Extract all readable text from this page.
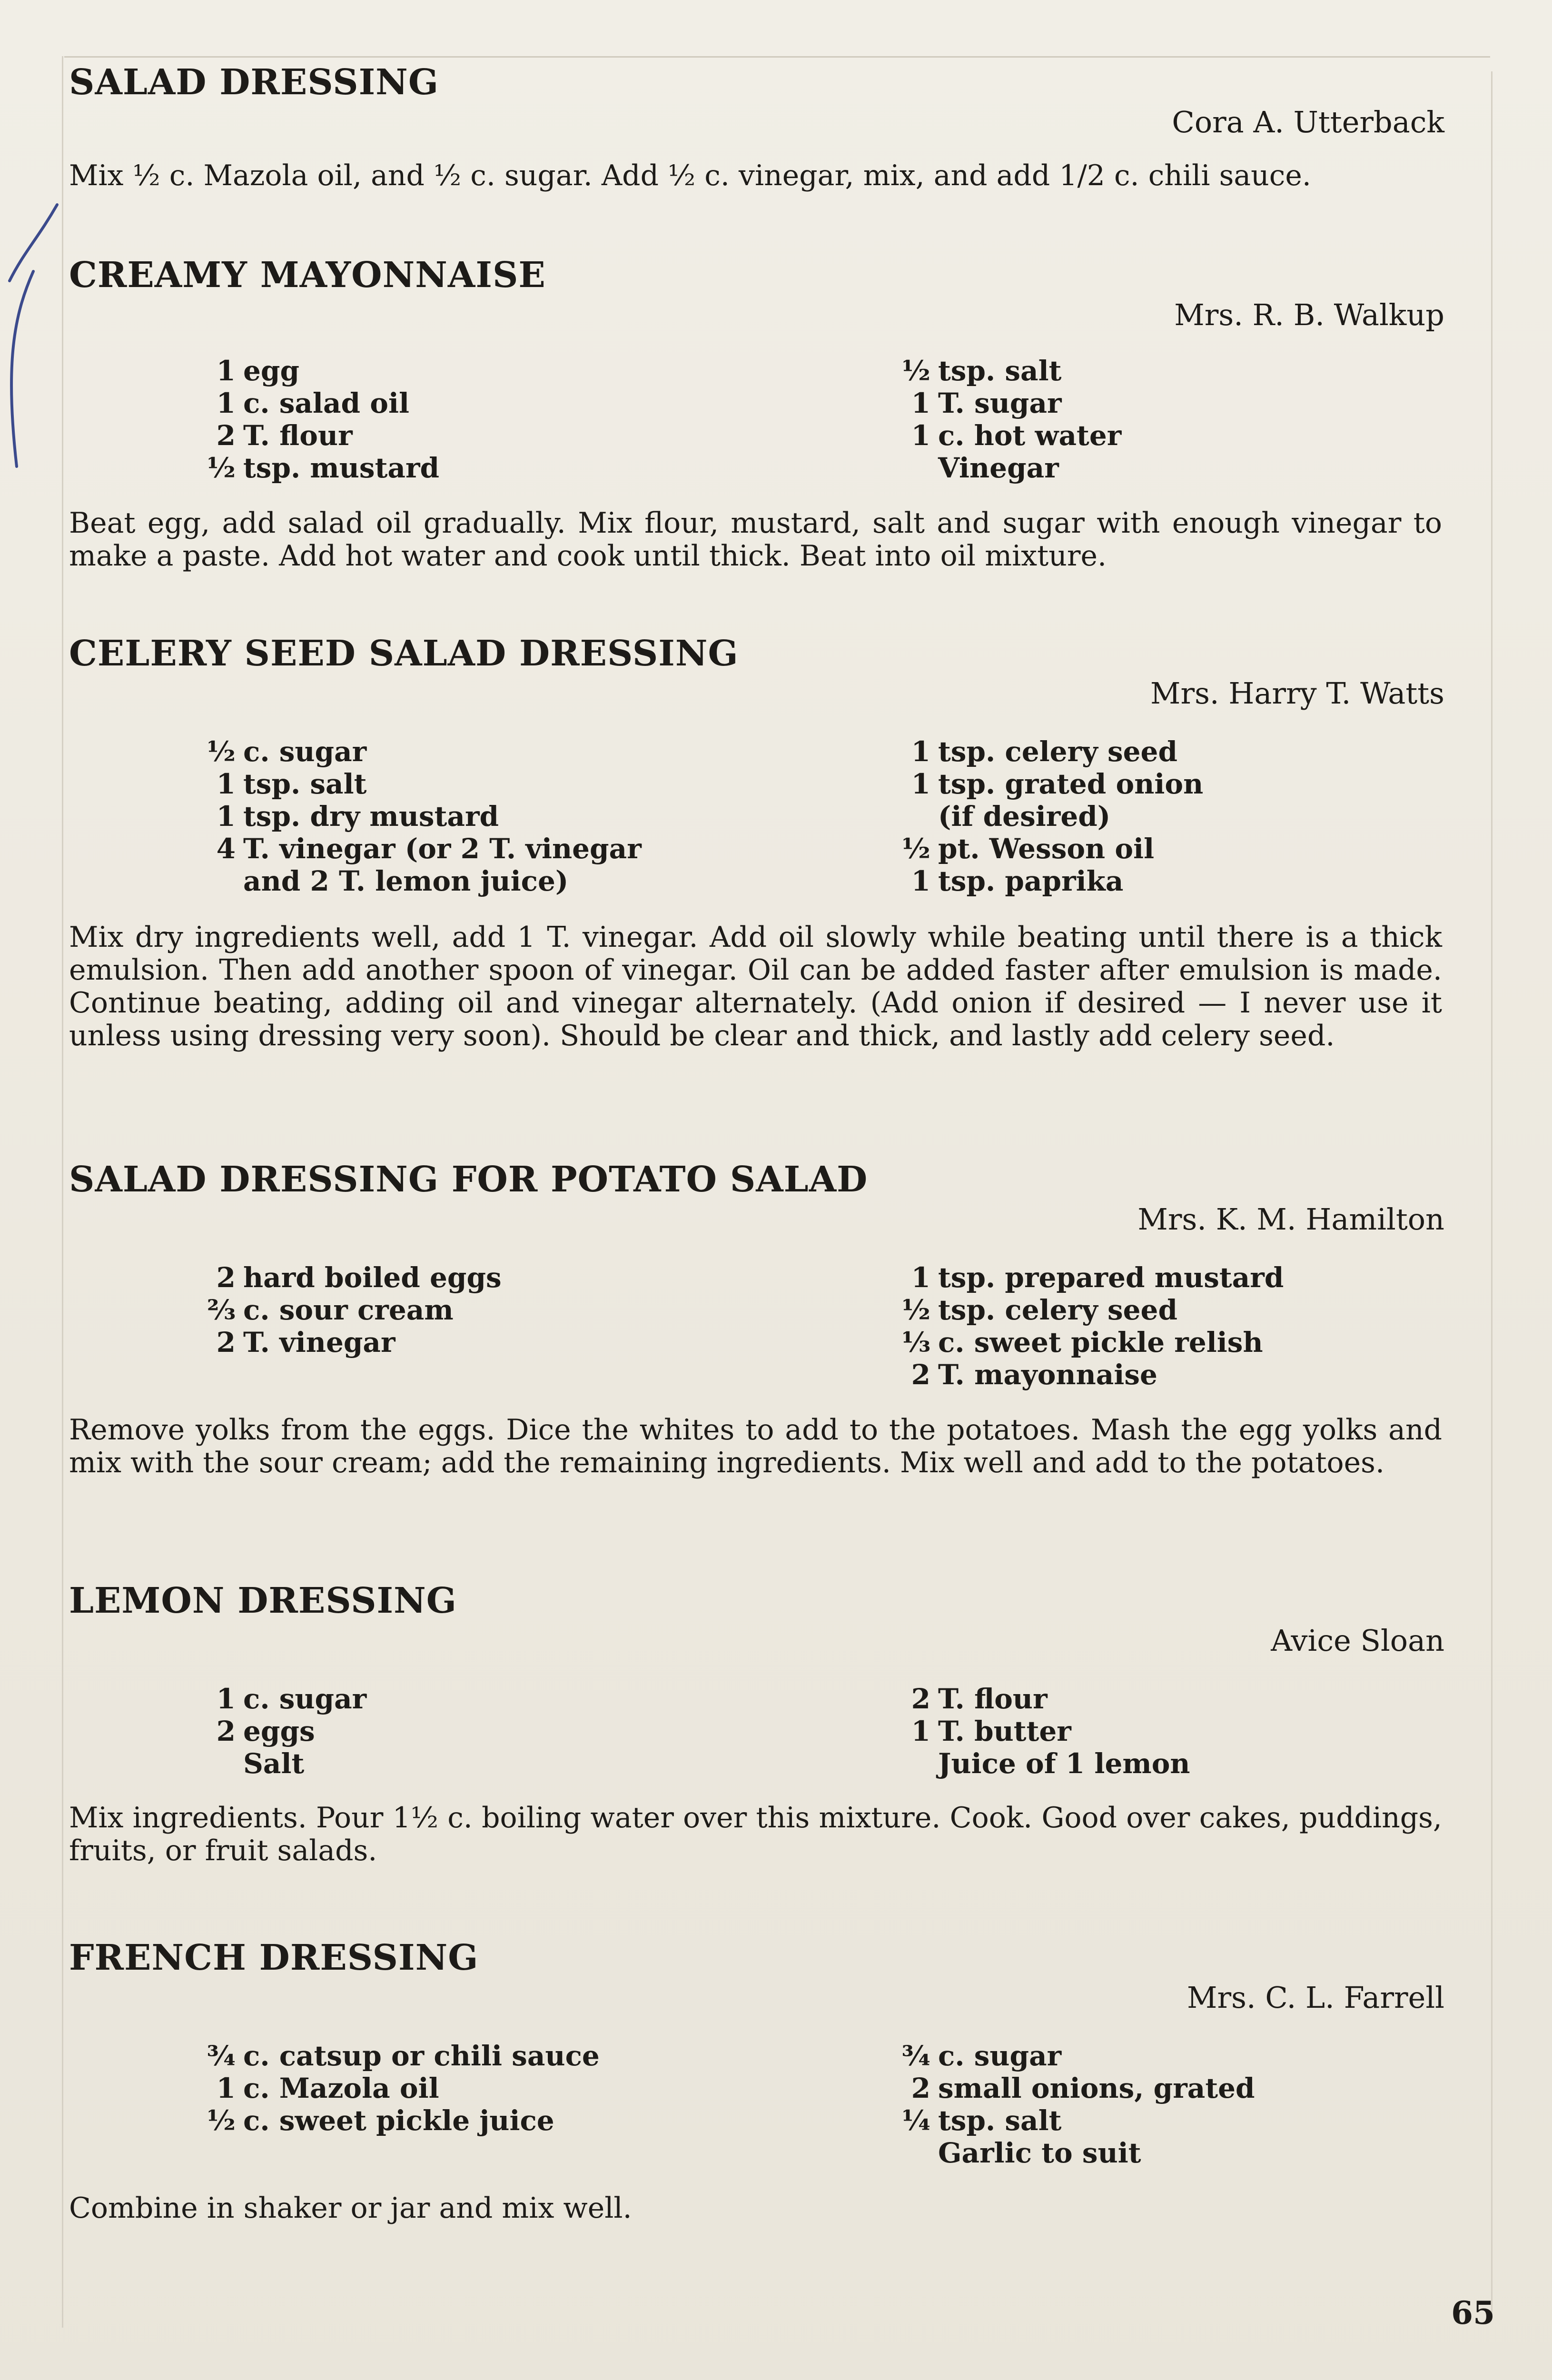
SALAD DRESSING
Cora A. Utterback
Mix ½ c. Mazola oil, and ½ c. sugar. Add ½ c. vinegar, mix, and add 1/2 c. chili sauce.
CREAMY MAYONNAISE
Mrs. R. B. Walkup
1 egg
1 c. salad oil
2 T. flour
½ tsp. mustard
½ tsp. salt
1 T. sugar
1 c. hot water
Vinegar
Beat egg, add salad oil gradually. Mix flour, mustard, salt and sugar with enough vinegar to make a paste. Add hot water and cook until thick. Beat into oil mixture.
CELERY SEED SALAD DRESSING
Mrs. Harry T. Watts
½ c. sugar
1 tsp. salt
1 tsp. dry mustard
4 T. vinegar (or 2 T. vinegar
and 2 T. lemon juice)
1 tsp. celery seed
1 tsp. grated onion
(if desired)
½ pt. Wesson oil
1 tsp. paprika
Mix dry ingredients well, add 1 T. vinegar. Add oil slowly while beating until there is a thick emulsion. Then add another spoon of vinegar. Oil can be added faster after emulsion is made. Continue beating, adding oil and vinegar alternately. (Add onion if desired — I never use it unless using dressing very soon). Should be clear and thick, and lastly add celery seed.
SALAD DRESSING FOR POTATO SALAD
Mrs. K. M. Hamilton
2 hard boiled eggs
⅔ c. sour cream
2 T. vinegar
1 tsp. prepared mustard
½ tsp. celery seed
⅓ c. sweet pickle relish
2 T. mayonnaise
Remove yolks from the eggs. Dice the whites to add to the potatoes. Mash the egg yolks and mix with the sour cream; add the remaining ingredients. Mix well and add to the potatoes.
LEMON DRESSING
Avice Sloan
1 c. sugar
2 eggs
Salt
2 T. flour
1 T. butter
Juice of 1 lemon
Mix ingredients. Pour 1½ c. boiling water over this mixture. Cook. Good over cakes, puddings, fruits, or fruit salads.
FRENCH DRESSING
Mrs. C. L. Farrell
¾ c. catsup or chili sauce
1 c. Mazola oil
½ c. sweet pickle juice
¾ c. sugar
2 small onions, grated
¼ tsp. salt
Garlic to suit
Combine in shaker or jar and mix well.
65
